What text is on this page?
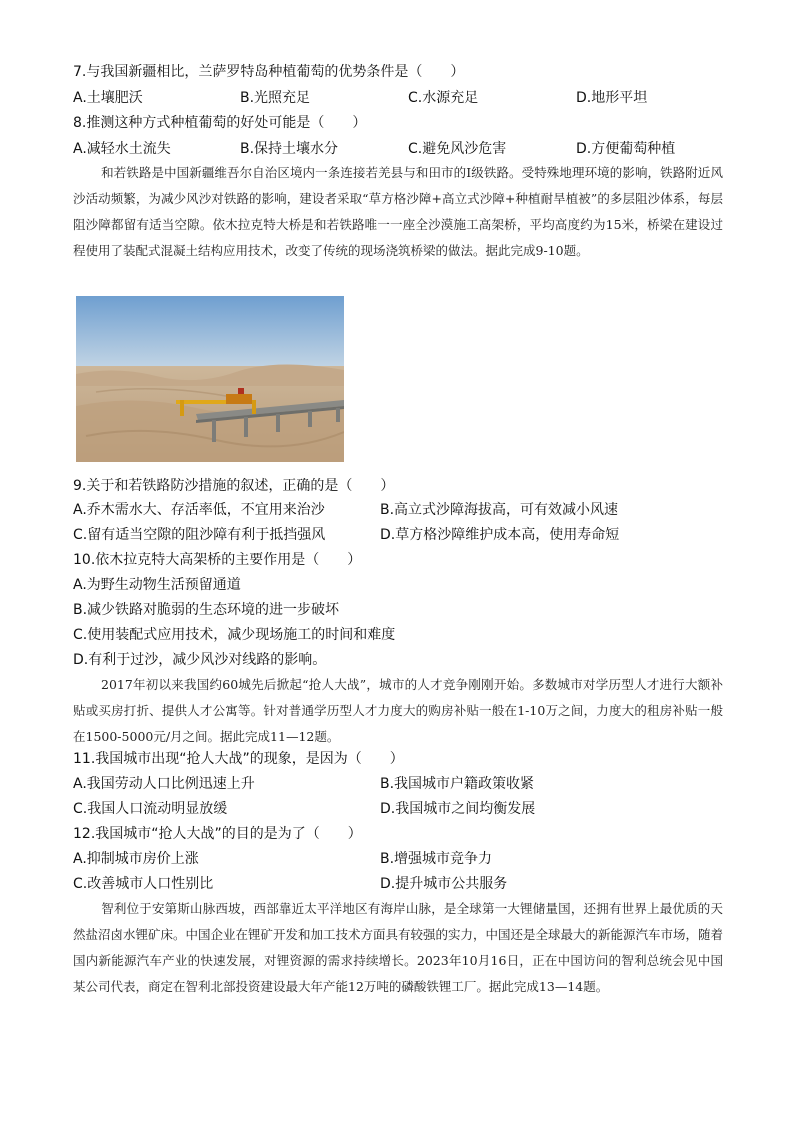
7.与我国新疆相比，兰萨罗特岛种植葡萄的优势条件是（　　）
A.土壤肥沃	B.光照充足	C.水源充足	D.地形平坦
8.推测这种方式种植葡萄的好处可能是（　　）
A.减轻水土流失	B.保持土壤水分	C.避免风沙危害	D.方便葡萄种植
和若铁路是中国新疆维吾尔自治区境内一条连接若羌县与和田市的Ⅰ级铁路。受特殊地理环境的影响，铁路附近风沙活动频繁，为减少风沙对铁路的影响，建设者采取“草方格沙障+高立式沙障+种植耐旱植被”的多层阻沙体系，每层阻沙障都留有适当空隙。依木拉克特大桥是和若铁路唯一一座全沙漠施工高架桥，平均高度约为15米，桥梁在建设过程使用了装配式混凝土结构应用技术，改变了传统的现场浇筑桥梁的做法。据此完成9-10题。
9.关于和若铁路防沙措施的叙述，正确的是（　　）
A.乔木需水大、存活率低，不宜用来治沙	B.高立式沙障海拔高，可有效减小风速
C.留有适当空隙的阻沙障有利于抵挡强风	D.草方格沙障维护成本高，使用寿命短
10.依木拉克特大高架桥的主要作用是（　　）
A.为野生动物生活预留通道
B.减少铁路对脆弱的生态环境的进一步破坏
C.使用装配式应用技术，减少现场施工的时间和难度
D.有利于过沙，减少风沙对线路的影响。
2017年初以来我国约60城先后掀起“抢人大战”，城市的人才竞争刚刚开始。多数城市对学历型人才进行大额补贴或买房打折、提供人才公寓等。针对普通学历型人才力度大的购房补贴一般在1-10万之间，力度大的租房补贴一般在1500-5000元/月之间。据此完成11—12题。
11.我国城市出现“抢人大战”的现象，是因为（　　）
A.我国劳动人口比例迅速上升	B.我国城市户籍政策收紧
C.我国人口流动明显放缓	D.我国城市之间均衡发展
12.我国城市“抢人大战”的目的是为了（　　）
A.抑制城市房价上涨	B.增强城市竞争力
C.改善城市人口性别比	D.提升城市公共服务
智利位于安第斯山脉西坡，西部靠近太平洋地区有海岸山脉，是全球第一大锂储量国，还拥有世界上最优质的天然盐沼卤水锂矿床。中国企业在锂矿开发和加工技术方面具有较强的实力，中国还是全球最大的新能源汽车市场，随着国内新能源汽车产业的快速发展，对锂资源的需求持续增长。2023年10月16日，正在中国访问的智利总统会见中国某公司代表，商定在智利北部投资建设最大年产能12万吨的磷酸铁锂工厂。据此完成13—14题。
